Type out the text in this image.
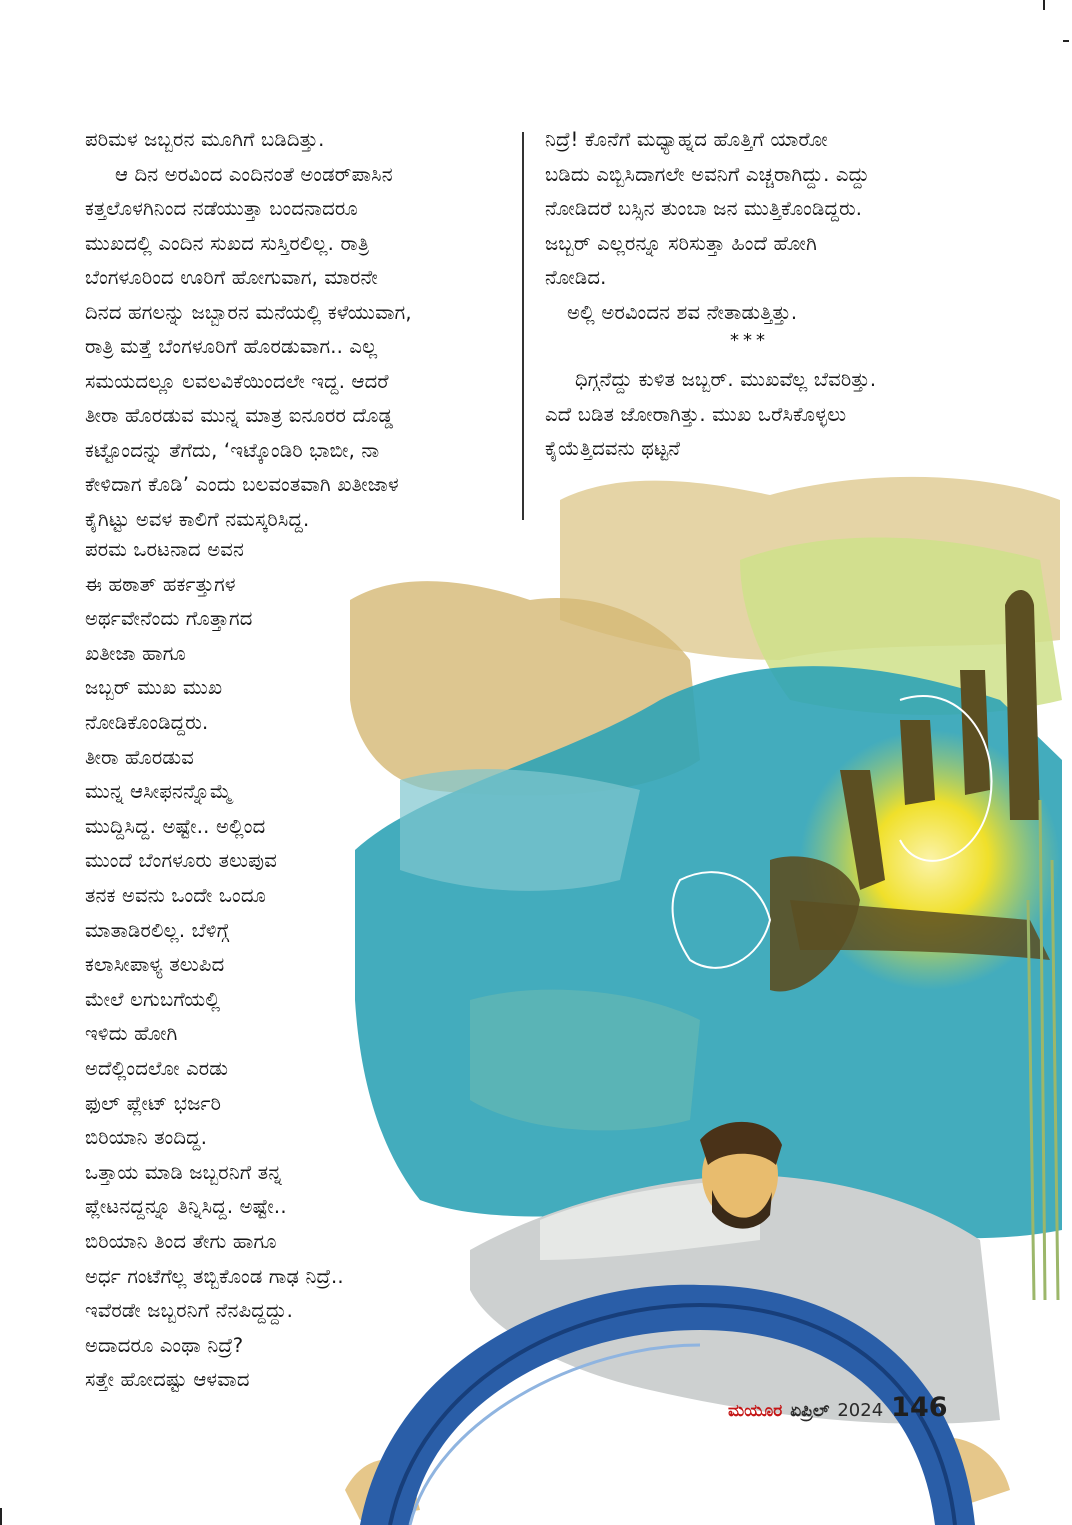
ಪರಿಮಳ ಜಬ್ಬರನ ಮೂಗಿಗೆ ಬಡಿದಿತ್ತು.
ಆ ದಿನ ಅರವಿಂದ ಎಂದಿನಂತೆ ಅಂಡರ್‌ಪಾಸಿನ
ಕತ್ತಲೊಳಗಿನಿಂದ ನಡೆಯುತ್ತಾ ಬಂದನಾದರೂ
ಮುಖದಲ್ಲಿ ಎಂದಿನ ಸುಖದ ಸುಸ್ತಿರಲಿಲ್ಲ. ರಾತ್ರಿ
ಬೆಂಗಳೂರಿಂದ ಊರಿಗೆ ಹೋಗುವಾಗ, ಮಾರನೇ
ದಿನದ ಹಗಲನ್ನು ಜಬ್ಬಾರನ ಮನೆಯಲ್ಲಿ ಕಳೆಯುವಾಗ,
ರಾತ್ರಿ ಮತ್ತೆ ಬೆಂಗಳೂರಿಗೆ ಹೊರಡುವಾಗ.. ಎಲ್ಲ
ಸಮಯದಲ್ಲೂ ಲವಲವಿಕೆಯಿಂದಲೇ ಇದ್ದ. ಆದರೆ
ತೀರಾ ಹೊರಡುವ ಮುನ್ನ ಮಾತ್ರ ಐನೂರರ ದೊಡ್ಡ
ಕಟ್ಟೊಂದನ್ನು ತೆಗೆದು, ‘ಇಟ್ಕೊಂಡಿರಿ ಭಾಬೀ, ನಾ
ಕೇಳಿದಾಗ ಕೊಡಿ’ ಎಂದು ಬಲವಂತವಾಗಿ ಖತೀಜಾಳ
ಕೈಗಿಟ್ಟು ಅವಳ ಕಾಲಿಗೆ ನಮಸ್ಕರಿಸಿದ್ದ.
ಪರಮ ಒರಟನಾದ ಅವನ
ಈ ಹಠಾತ್ ಹರ್ಕತ್ತುಗಳ
ಅರ್ಥವೇನೆಂದು ಗೊತ್ತಾಗದ
ಖತೀಜಾ ಹಾಗೂ
ಜಬ್ಬರ್ ಮುಖ ಮುಖ
ನೋಡಿಕೊಂಡಿದ್ದರು.
ತೀರಾ ಹೊರಡುವ
ಮುನ್ನ ಆಸೀಫನನ್ನೊಮ್ಮೆ
ಮುದ್ದಿಸಿದ್ದ. ಅಷ್ಟೇ.. ಅಲ್ಲಿಂದ
ಮುಂದೆ ಬೆಂಗಳೂರು ತಲುಪುವ
ತನಕ ಅವನು ಒಂದೇ ಒಂದೂ
ಮಾತಾಡಿರಲಿಲ್ಲ. ಬೆಳಿಗ್ಗೆ
ಕಲಾಸೀಪಾಳ್ಯ ತಲುಪಿದ
ಮೇಲೆ ಲಗುಬಗೆಯಲ್ಲಿ
ಇಳಿದು ಹೋಗಿ
ಅದೆಲ್ಲಿಂದಲೋ ಎರಡು
ಫುಲ್ ಪ್ಲೇಟ್ ಭರ್ಜರಿ
ಬಿರಿಯಾನಿ ತಂದಿದ್ದ.
ಒತ್ತಾಯ ಮಾಡಿ ಜಬ್ಬರನಿಗೆ ತನ್ನ
ಪ್ಲೇಟನದ್ದನ್ನೂ ತಿನ್ನಿಸಿದ್ದ. ಅಷ್ಟೇ..
ಬಿರಿಯಾನಿ ತಿಂದ ತೇಗು ಹಾಗೂ
ಅರ್ಧ ಗಂಟೆಗೆಲ್ಲ ತಬ್ಬಿಕೊಂಡ ಗಾಢ ನಿದ್ರೆ..
ಇವೆರಡೇ ಜಬ್ಬರನಿಗೆ ನೆನಪಿದ್ದದ್ದು.
ಅದಾದರೂ ಎಂಥಾ ನಿದ್ರೆ?
ಸತ್ತೇ ಹೋದಷ್ಟು ಆಳವಾದ
ನಿದ್ರೆ! ಕೊನೆಗೆ ಮಧ್ಯಾಹ್ನದ ಹೊತ್ತಿಗೆ ಯಾರೋ
ಬಡಿದು ಎಬ್ಬಿಸಿದಾಗಲೇ ಅವನಿಗೆ ಎಚ್ಚರಾಗಿದ್ದು. ಎದ್ದು
ನೋಡಿದರೆ ಬಸ್ಸಿನ ತುಂಬಾ ಜನ ಮುತ್ತಿಕೊಂಡಿದ್ದರು.
ಜಬ್ಬರ್ ಎಲ್ಲರನ್ನೂ ಸರಿಸುತ್ತಾ ಹಿಂದೆ ಹೋಗಿ
ನೋಡಿದ.
ಅಲ್ಲಿ ಅರವಿಂದನ ಶವ ನೇತಾಡುತ್ತಿತ್ತು.
***
ಧಿಗ್ಗನೆದ್ದು ಕುಳಿತ ಜಬ್ಬರ್. ಮುಖವೆಲ್ಲ ಬೆವರಿತ್ತು.
ಎದೆ ಬಡಿತ ಜೋರಾಗಿತ್ತು. ಮುಖ ಒರೆಸಿಕೊಳ್ಳಲು
ಕೈಯೆತ್ತಿದವನು ಥಟ್ಟನೆ
ಮಯೂರ ಏಪ್ರಿಲ್ 2024 146
